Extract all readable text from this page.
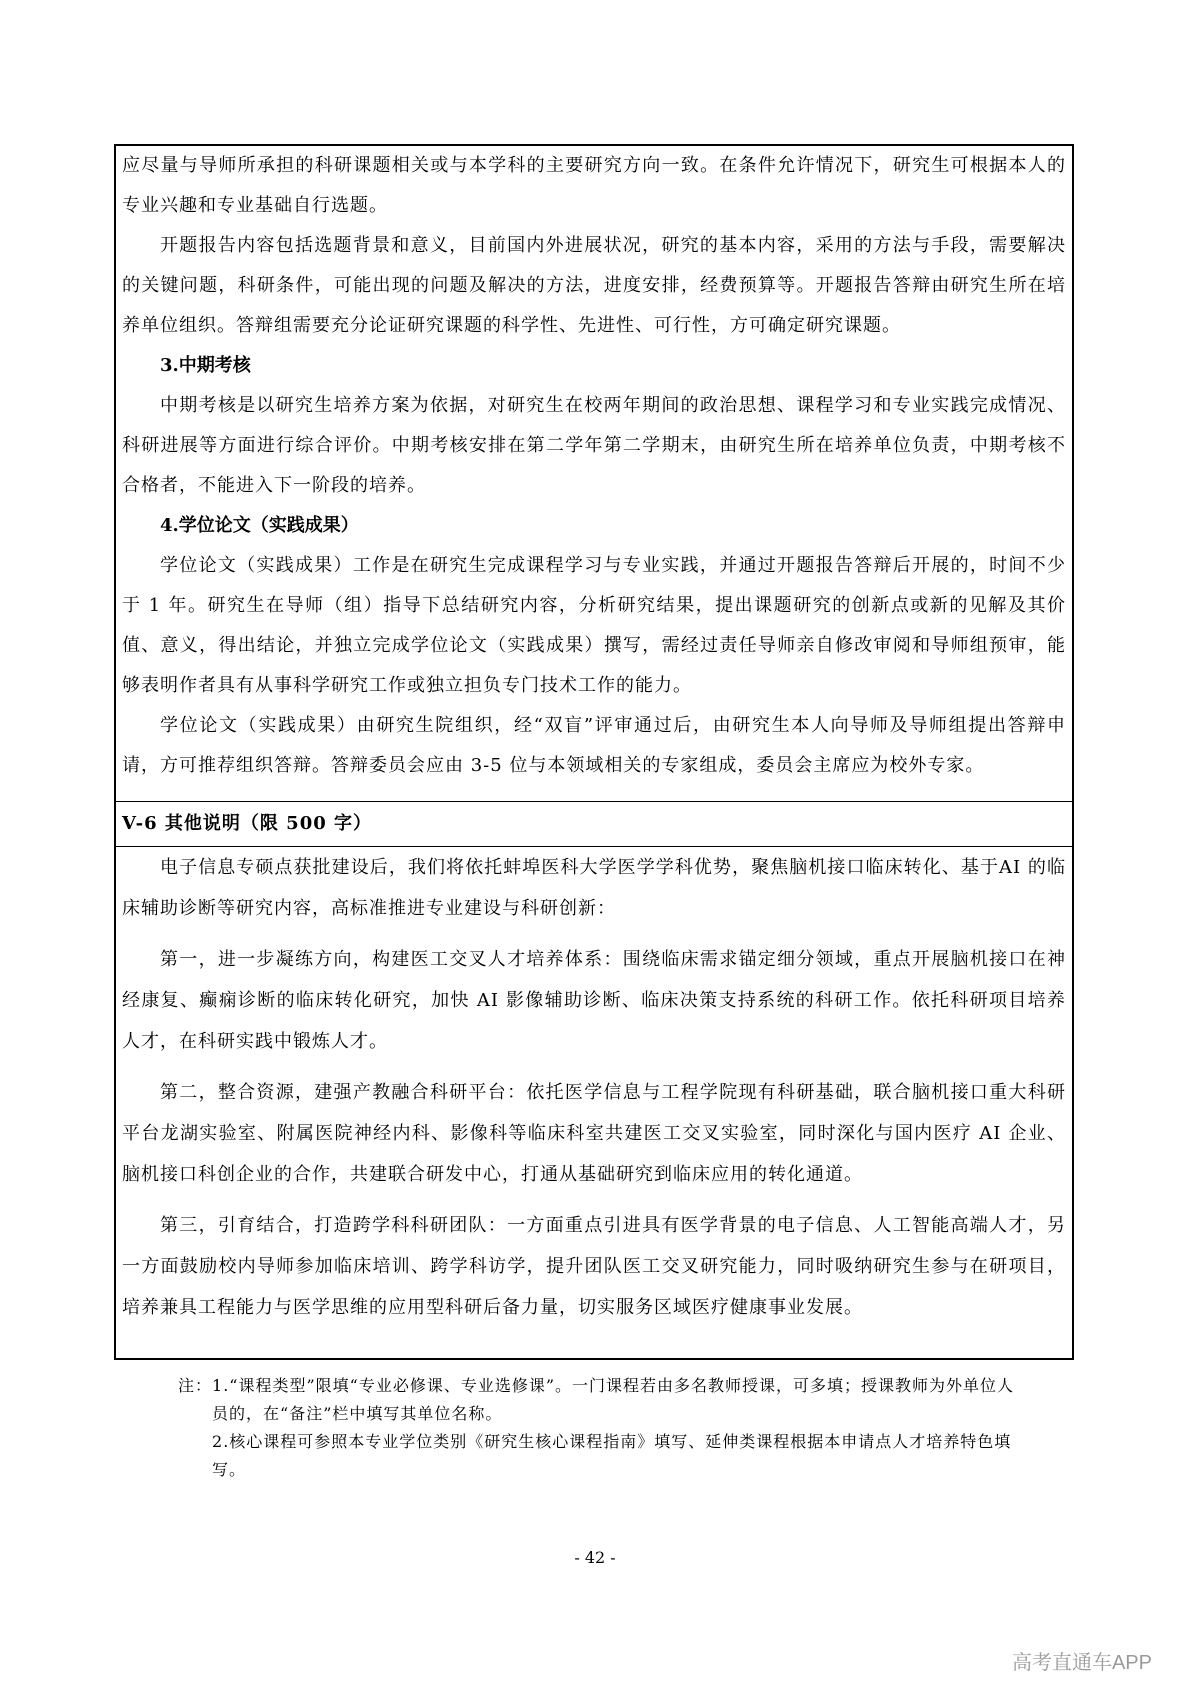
应尽量与导师所承担的科研课题相关或与本学科的主要研究方向一致。在条件允许情况下，研究生可根据本人的专业兴趣和专业基础自行选题。

开题报告内容包括选题背景和意义，目前国内外进展状况，研究的基本内容，采用的方法与手段，需要解决的关键问题，科研条件，可能出现的问题及解决的方法，进度安排，经费预算等。开题报告答辩由研究生所在培养单位组织。答辩组需要充分论证研究课题的科学性、先进性、可行性，方可确定研究课题。

3.中期考核

中期考核是以研究生培养方案为依据，对研究生在校两年期间的政治思想、课程学习和专业实践完成情况、科研进展等方面进行综合评价。中期考核安排在第二学年第二学期末，由研究生所在培养单位负责，中期考核不合格者，不能进入下一阶段的培养。

4.学位论文（实践成果）

学位论文（实践成果）工作是在研究生完成课程学习与专业实践，并通过开题报告答辩后开展的，时间不少于 1 年。研究生在导师（组）指导下总结研究内容，分析研究结果，提出课题研究的创新点或新的见解及其价值、意义，得出结论，并独立完成学位论文（实践成果）撰写，需经过责任导师亲自修改审阅和导师组预审，能够表明作者具有从事科学研究工作或独立担负专门技术工作的能力。

学位论文（实践成果）由研究生院组织，经“双盲”评审通过后，由研究生本人向导师及导师组提出答辩申请，方可推荐组织答辩。答辩委员会应由 3-5 位与本领域相关的专家组成，委员会主席应为校外专家。

V-6 其他说明（限 500 字）

电子信息专硕点获批建设后，我们将依托蚌埠医科大学医学学科优势，聚焦脑机接口临床转化、基于AI 的临床辅助诊断等研究内容，高标准推进专业建设与科研创新：

第一，进一步凝练方向，构建医工交叉人才培养体系：围绕临床需求锚定细分领域，重点开展脑机接口在神经康复、癫痫诊断的临床转化研究，加快 AI 影像辅助诊断、临床决策支持系统的科研工作。依托科研项目培养人才，在科研实践中锻炼人才。

第二，整合资源，建强产教融合科研平台：依托医学信息与工程学院现有科研基础，联合脑机接口重大科研平台龙湖实验室、附属医院神经内科、影像科等临床科室共建医工交叉实验室，同时深化与国内医疗 AI 企业、脑机接口科创企业的合作，共建联合研发中心，打通从基础研究到临床应用的转化通道。

第三，引育结合，打造跨学科科研团队：一方面重点引进具有医学背景的电子信息、人工智能高端人才，另一方面鼓励校内导师参加临床培训、跨学科访学，提升团队医工交叉研究能力，同时吸纳研究生参与在研项目，培养兼具工程能力与医学思维的应用型科研后备力量，切实服务区域医疗健康事业发展。

注： 1.“课程类型”限填“专业必修课、专业选修课”。一门课程若由多名教师授课，可多填；授课教师为外单位人员的，在“备注”栏中填写其单位名称。
2.核心课程可参照本专业学位类别《研究生核心课程指南》填写、延伸类课程根据本申请点人才培养特色填写。
- 42 -
高考直通车APP
